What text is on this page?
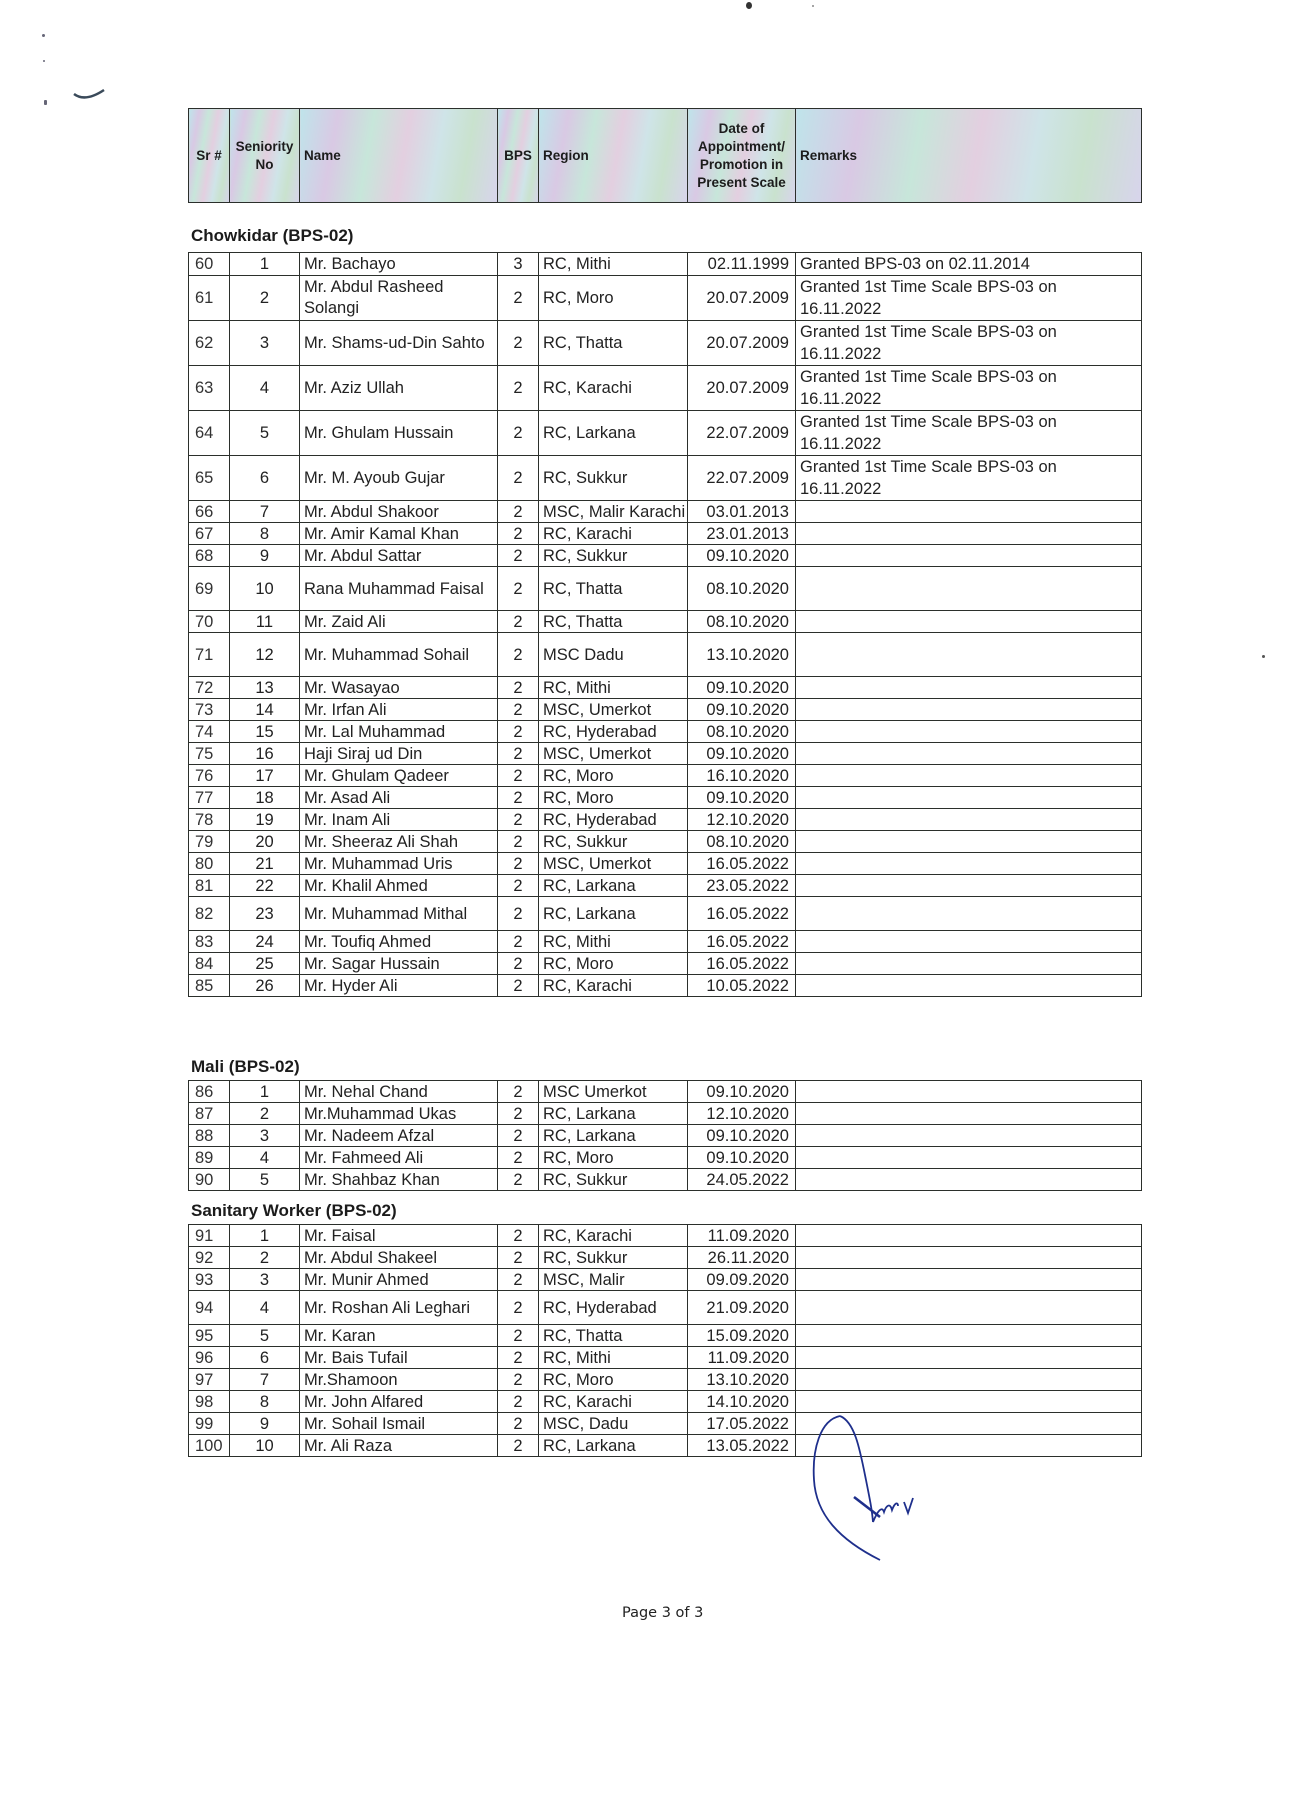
Sr #	Seniority No	Name	BPS	Region	Date of Appointment/ Promotion in Present Scale	Remarks
Chowkidar (BPS-02)
Mali (BPS-02)
Sanitary Worker (BPS-02)
60	1	Mr. Bachayo	3	RC, Mithi	02.11.1999	Granted BPS-03 on 02.11.2014
61	2	Mr. Abdul Rasheed Solangi	2	RC, Moro	20.07.2009	Granted 1st Time Scale BPS-03 on 16.11.2022
62	3	Mr. Shams-ud-Din Sahto	2	RC, Thatta	20.07.2009	Granted 1st Time Scale BPS-03 on 16.11.2022
63	4	Mr. Aziz Ullah	2	RC, Karachi	20.07.2009	Granted 1st Time Scale BPS-03 on 16.11.2022
64	5	Mr. Ghulam Hussain	2	RC, Larkana	22.07.2009	Granted 1st Time Scale BPS-03 on 16.11.2022
65	6	Mr. M. Ayoub Gujar	2	RC, Sukkur	22.07.2009	Granted 1st Time Scale BPS-03 on 16.11.2022
66	7	Mr. Abdul Shakoor	2	MSC, Malir Karachi	03.01.2013	
67	8	Mr. Amir Kamal Khan	2	RC, Karachi	23.01.2013	
68	9	Mr. Abdul Sattar	2	RC, Sukkur	09.10.2020	
69	10	Rana Muhammad Faisal	2	RC, Thatta	08.10.2020	
70	11	Mr. Zaid Ali	2	RC, Thatta	08.10.2020	
71	12	Mr. Muhammad Sohail	2	MSC Dadu	13.10.2020	
72	13	Mr. Wasayao	2	RC, Mithi	09.10.2020	
73	14	Mr. Irfan Ali	2	MSC, Umerkot	09.10.2020	
74	15	Mr. Lal Muhammad	2	RC, Hyderabad	08.10.2020	
75	16	Haji Siraj ud Din	2	MSC, Umerkot	09.10.2020	
76	17	Mr. Ghulam Qadeer	2	RC, Moro	16.10.2020	
77	18	Mr. Asad Ali	2	RC, Moro	09.10.2020	
78	19	Mr. Inam Ali	2	RC, Hyderabad	12.10.2020	
79	20	Mr. Sheeraz Ali Shah	2	RC, Sukkur	08.10.2020	
80	21	Mr. Muhammad Uris	2	MSC, Umerkot	16.05.2022	
81	22	Mr. Khalil Ahmed	2	RC, Larkana	23.05.2022	
82	23	Mr. Muhammad Mithal	2	RC, Larkana	16.05.2022	
83	24	Mr. Toufiq Ahmed	2	RC, Mithi	16.05.2022	
84	25	Mr. Sagar Hussain	2	RC, Moro	16.05.2022	
85	26	Mr. Hyder Ali	2	RC, Karachi	10.05.2022	
86	1	Mr. Nehal Chand	2	MSC Umerkot	09.10.2020	
87	2	Mr.Muhammad Ukas	2	RC, Larkana	12.10.2020	
88	3	Mr. Nadeem Afzal	2	RC, Larkana	09.10.2020	
89	4	Mr. Fahmeed Ali	2	RC, Moro	09.10.2020	
90	5	Mr. Shahbaz Khan	2	RC, Sukkur	24.05.2022	
91	1	Mr. Faisal	2	RC, Karachi	11.09.2020	
92	2	Mr. Abdul Shakeel	2	RC, Sukkur	26.11.2020	
93	3	Mr. Munir Ahmed	2	MSC, Malir	09.09.2020	
94	4	Mr. Roshan Ali Leghari	2	RC, Hyderabad	21.09.2020	
95	5	Mr. Karan	2	RC, Thatta	15.09.2020	
96	6	Mr. Bais Tufail	2	RC, Mithi	11.09.2020	
97	7	Mr.Shamoon	2	RC, Moro	13.10.2020	
98	8	Mr. John Alfared	2	RC, Karachi	14.10.2020	
99	9	Mr. Sohail Ismail	2	MSC, Dadu	17.05.2022	
100	10	Mr. Ali Raza	2	RC, Larkana	13.05.2022	
Page 3 of 3
